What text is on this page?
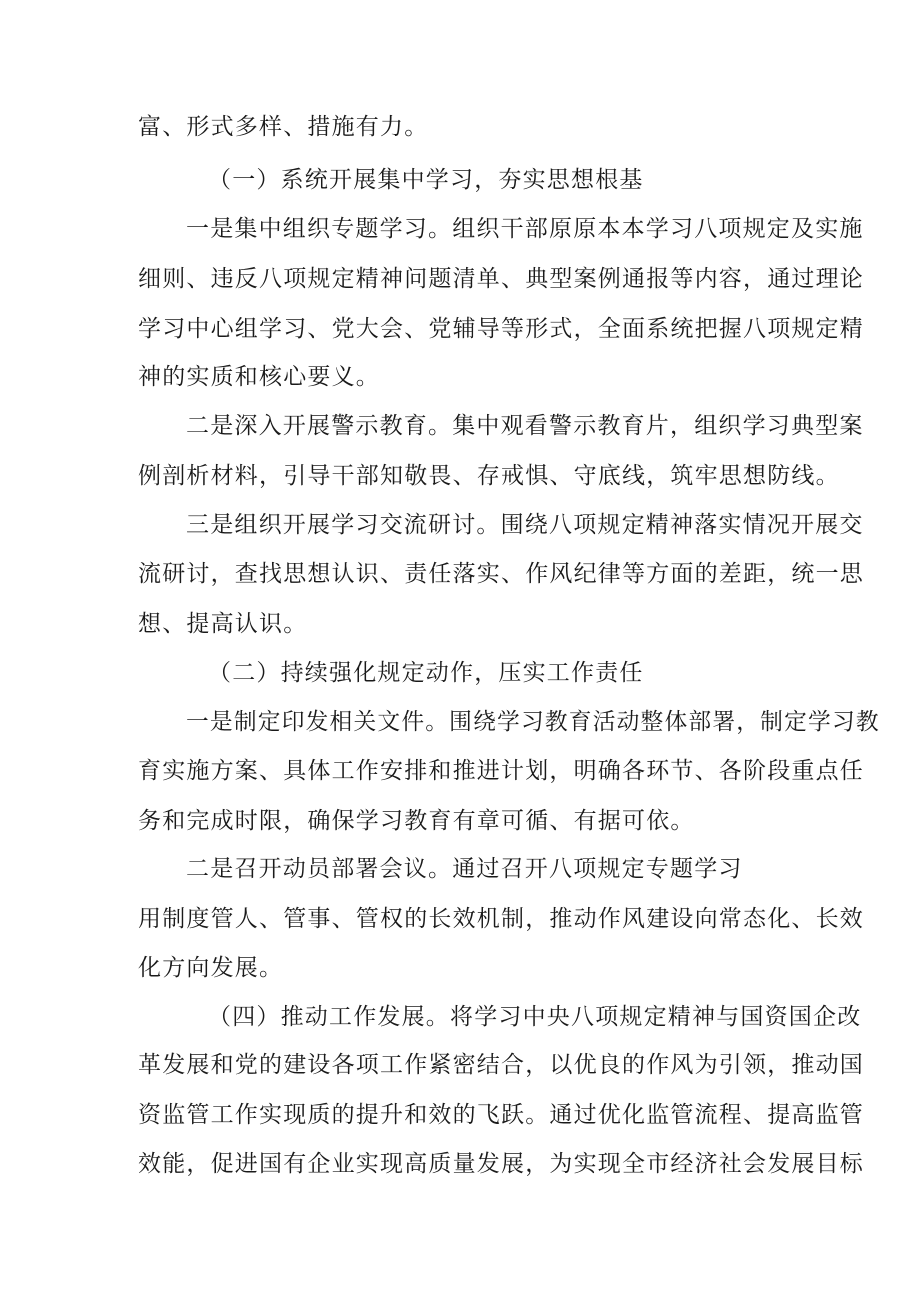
富、形式多样、措施有力。
（一）系统开展集中学习，夯实思想根基
一是集中组织专题学习。组织干部原原本本学习八项规定及实施
细则、违反八项规定精神问题清单、典型案例通报等内容，通过理论
学习中心组学习、党大会、党辅导等形式，全面系统把握八项规定精
神的实质和核心要义。
二是深入开展警示教育。集中观看警示教育片，组织学习典型案
例剖析材料，引导干部知敬畏、存戒惧、守底线，筑牢思想防线。
三是组织开展学习交流研讨。围绕八项规定精神落实情况开展交
流研讨，查找思想认识、责任落实、作风纪律等方面的差距，统一思
想、提高认识。
（二）持续强化规定动作，压实工作责任
一是制定印发相关文件。围绕学习教育活动整体部署，制定学习教
育实施方案、具体工作安排和推进计划，明确各环节、各阶段重点任
务和完成时限，确保学习教育有章可循、有据可依。
二是召开动员部署会议。通过召开八项规定专题学习
用制度管人、管事、管权的长效机制，推动作风建设向常态化、长效
化方向发展。
（四）推动工作发展。将学习中央八项规定精神与国资国企改
革发展和党的建设各项工作紧密结合，以优良的作风为引领，推动国
资监管工作实现质的提升和效的飞跃。通过优化监管流程、提高监管
效能，促进国有企业实现高质量发展，为实现全市经济社会发展目标
